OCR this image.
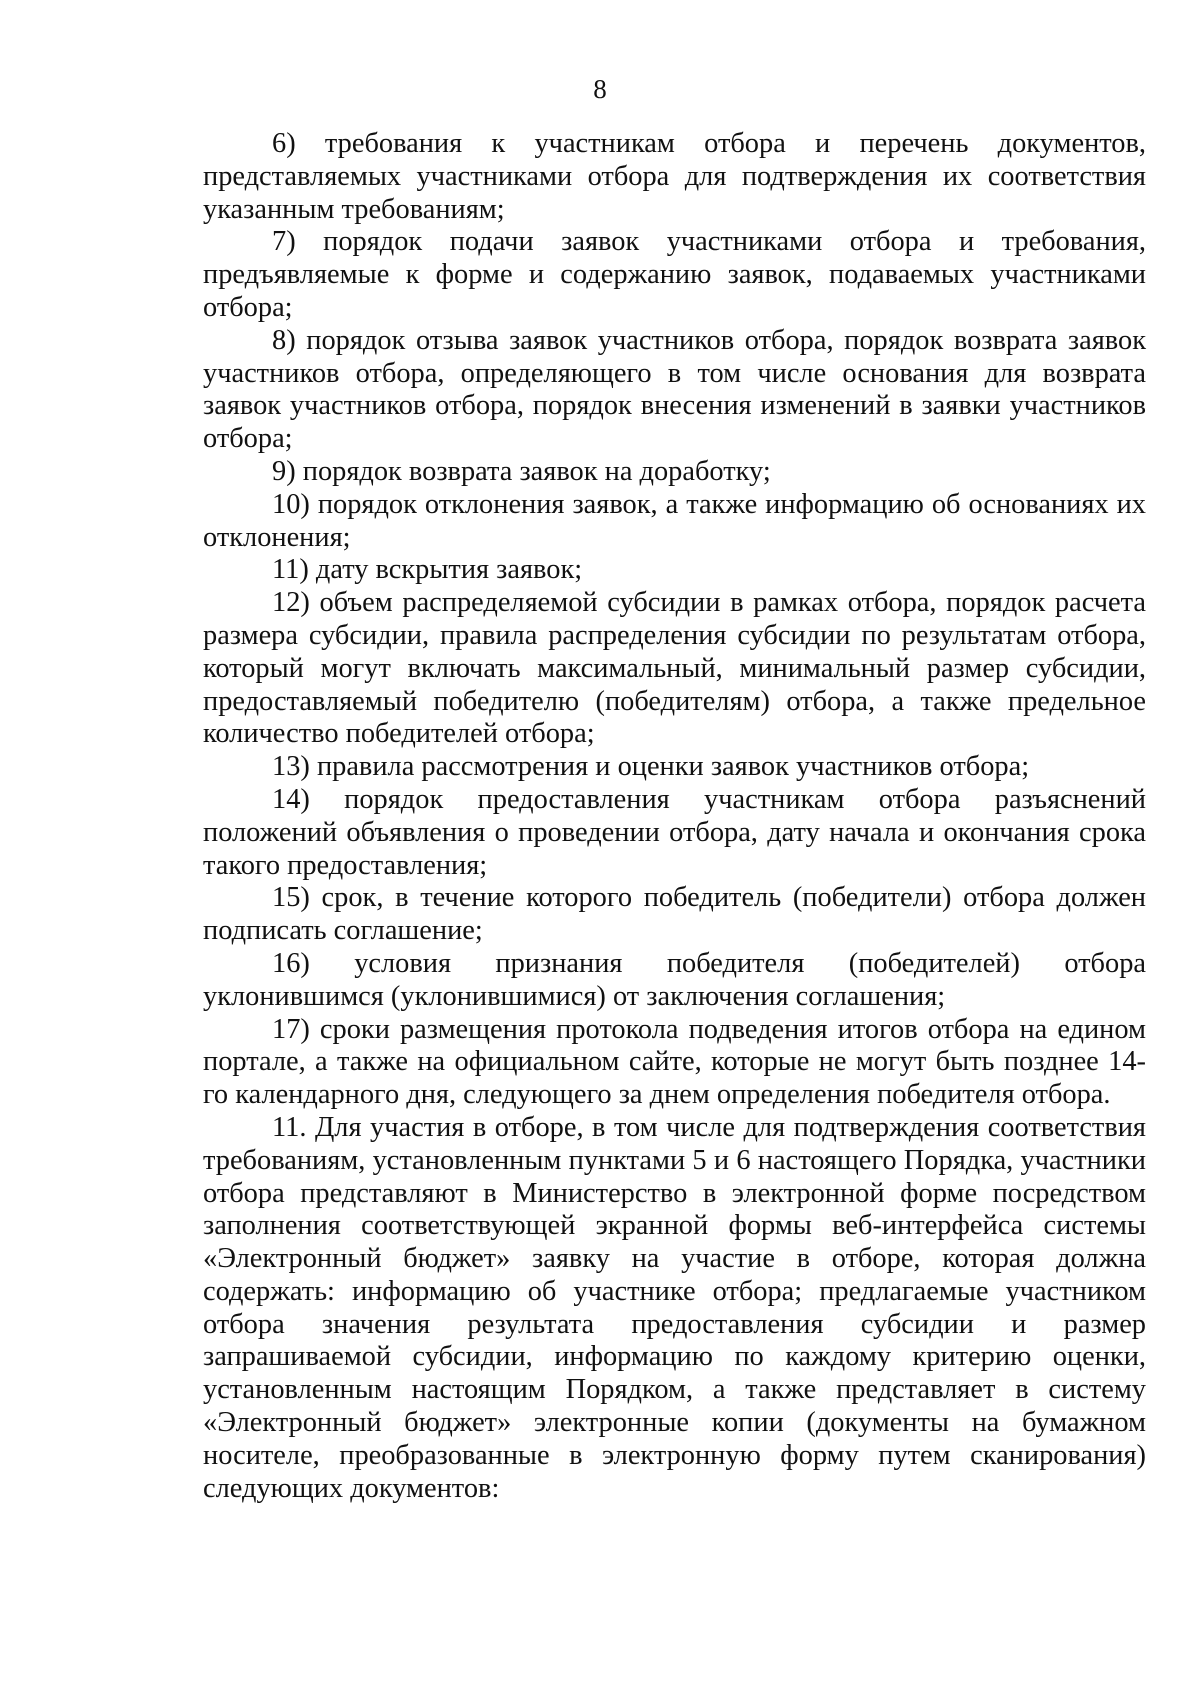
8

6) требования к участникам отбора и перечень документов, представляемых участниками отбора для подтверждения их соответствия указанным требованиям;

7) порядок подачи заявок участниками отбора и требования, предъявляемые к форме и содержанию заявок, подаваемых участниками отбора;

8) порядок отзыва заявок участников отбора, порядок возврата заявок участников отбора, определяющего в том числе основания для возврата заявок участников отбора, порядок внесения изменений в заявки участников отбора;

9) порядок возврата заявок на доработку;

10) порядок отклонения заявок, а также информацию об основаниях их отклонения;

11) дату вскрытия заявок;

12) объем распределяемой субсидии в рамках отбора, порядок расчета размера субсидии, правила распределения субсидии по результатам отбора, который могут включать максимальный, минимальный размер субсидии, предоставляемый победителю (победителям) отбора, а также предельное количество победителей отбора;

13) правила рассмотрения и оценки заявок участников отбора;

14) порядок предоставления участникам отбора разъяснений положений объявления о проведении отбора, дату начала и окончания срока такого предоставления;

15) срок, в течение которого победитель (победители) отбора должен подписать соглашение;

16) условия признания победителя (победителей) отбора уклонившимся (уклонившимися) от заключения соглашения;

17) сроки размещения протокола подведения итогов отбора на едином портале, а также на официальном сайте, которые не могут быть позднее 14-го календарного дня, следующего за днем определения победителя отбора.

11. Для участия в отборе, в том числе для подтверждения соответствия требованиям, установленным пунктами 5 и 6 настоящего Порядка, участники отбора представляют в Министерство в электронной форме посредством заполнения соответствующей экранной формы веб-интерфейса системы «Электронный бюджет» заявку на участие в отборе, которая должна содержать: информацию об участнике отбора; предлагаемые участником отбора значения результата предоставления субсидии и размер запрашиваемой субсидии, информацию по каждому критерию оценки, установленным настоящим Порядком, а также представляет в систему «Электронный бюджет» электронные копии (документы на бумажном носителе, преобразованные в электронную форму путем сканирования) следующих документов:
